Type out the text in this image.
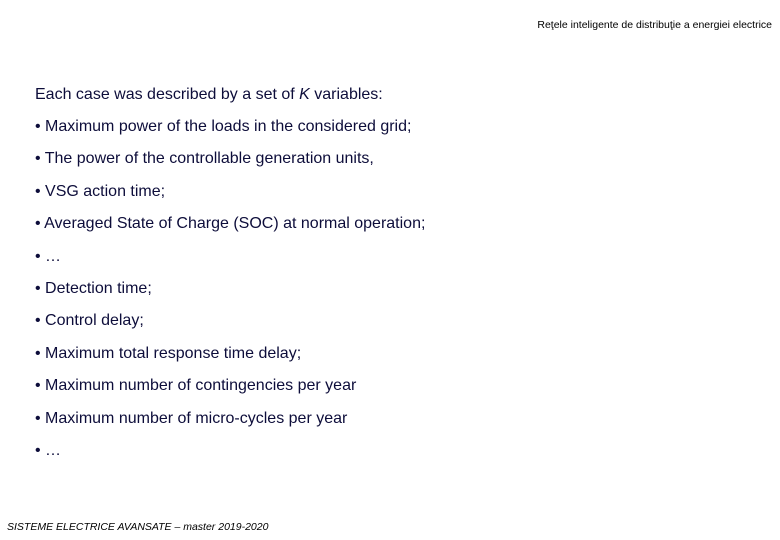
Reţele inteligente de distribuţie a energiei electrice

Each case was described by a set of K variables:

• Maximum power of the loads in the considered grid;
• The power of the controllable generation units,
• VSG action time;
• Averaged State of Charge (SOC) at normal operation;
• …
• Detection time;
• Control delay;
• Maximum total response time delay;
• Maximum number of contingencies per year
• Maximum number of micro-cycles per year
• …
SISTEME ELECTRICE AVANSATE – master 2019-2020
